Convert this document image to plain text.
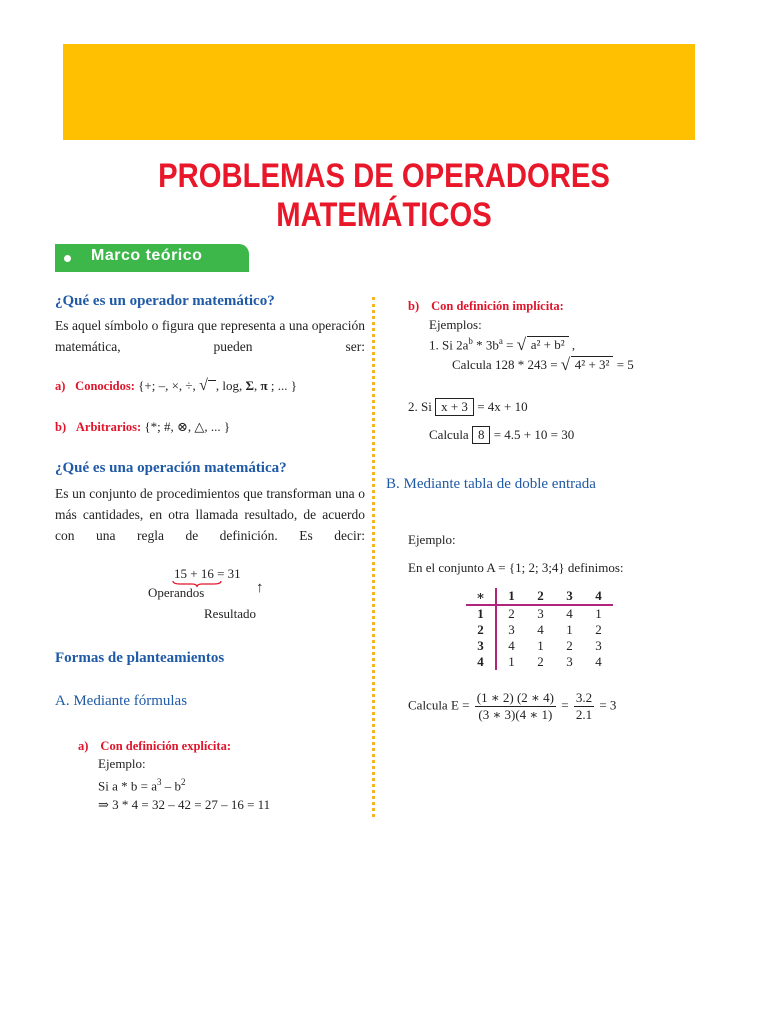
PROBLEMAS DE OPERADORES MATEMÁTICOS
Marco teórico
¿Qué es un operador matemático?
Es aquel símbolo o figura que representa a una operación matemática, pueden ser:
a) Conocidos: {+; –, ×, ÷, √ , log, Σ, π ; ... }
b) Arbitrarios: {*; #, ⊗, △, ... }
¿Qué es una operación matemática?
Es un conjunto de procedimientos que transforman una o más cantidades, en otra llamada resultado, de acuerdo con una regla de definición. Es decir:
15 + 16 = 31
Operandos	↑
Resultado
Formas de planteamientos
A. Mediante fórmulas
a) Con definición explícita:
Ejemplo:
Si $a * b = a^3 - b^2$
⇒ 3 * 4 = 32 – 42 = 27 – 16 = 11
b) Con definición implícita:
Ejemplos:
1. Si $2a^b * 3b^a$ = √ a² + b² ,
Calcula 128 * 243 = √ 4² + 3² = 5
2. Si x + 3 = 4x + 10
Calcula 8 = 4.5 + 10 = 30
B. Mediante tabla de doble entrada
Ejemplo:
En el conjunto A = {1; 2; 3;4} definimos:
∗	1	2	3	4
1	2	3	4	1
2	3	4	1	2
3	4	1	2	3
4	1	2	3	4
Calcula $E = \frac{(1 ∗ 2) (2 ∗ 4)}{(3 ∗ 3)(4 ∗ 1)} = \frac{3.2}{2.1} = 3$
